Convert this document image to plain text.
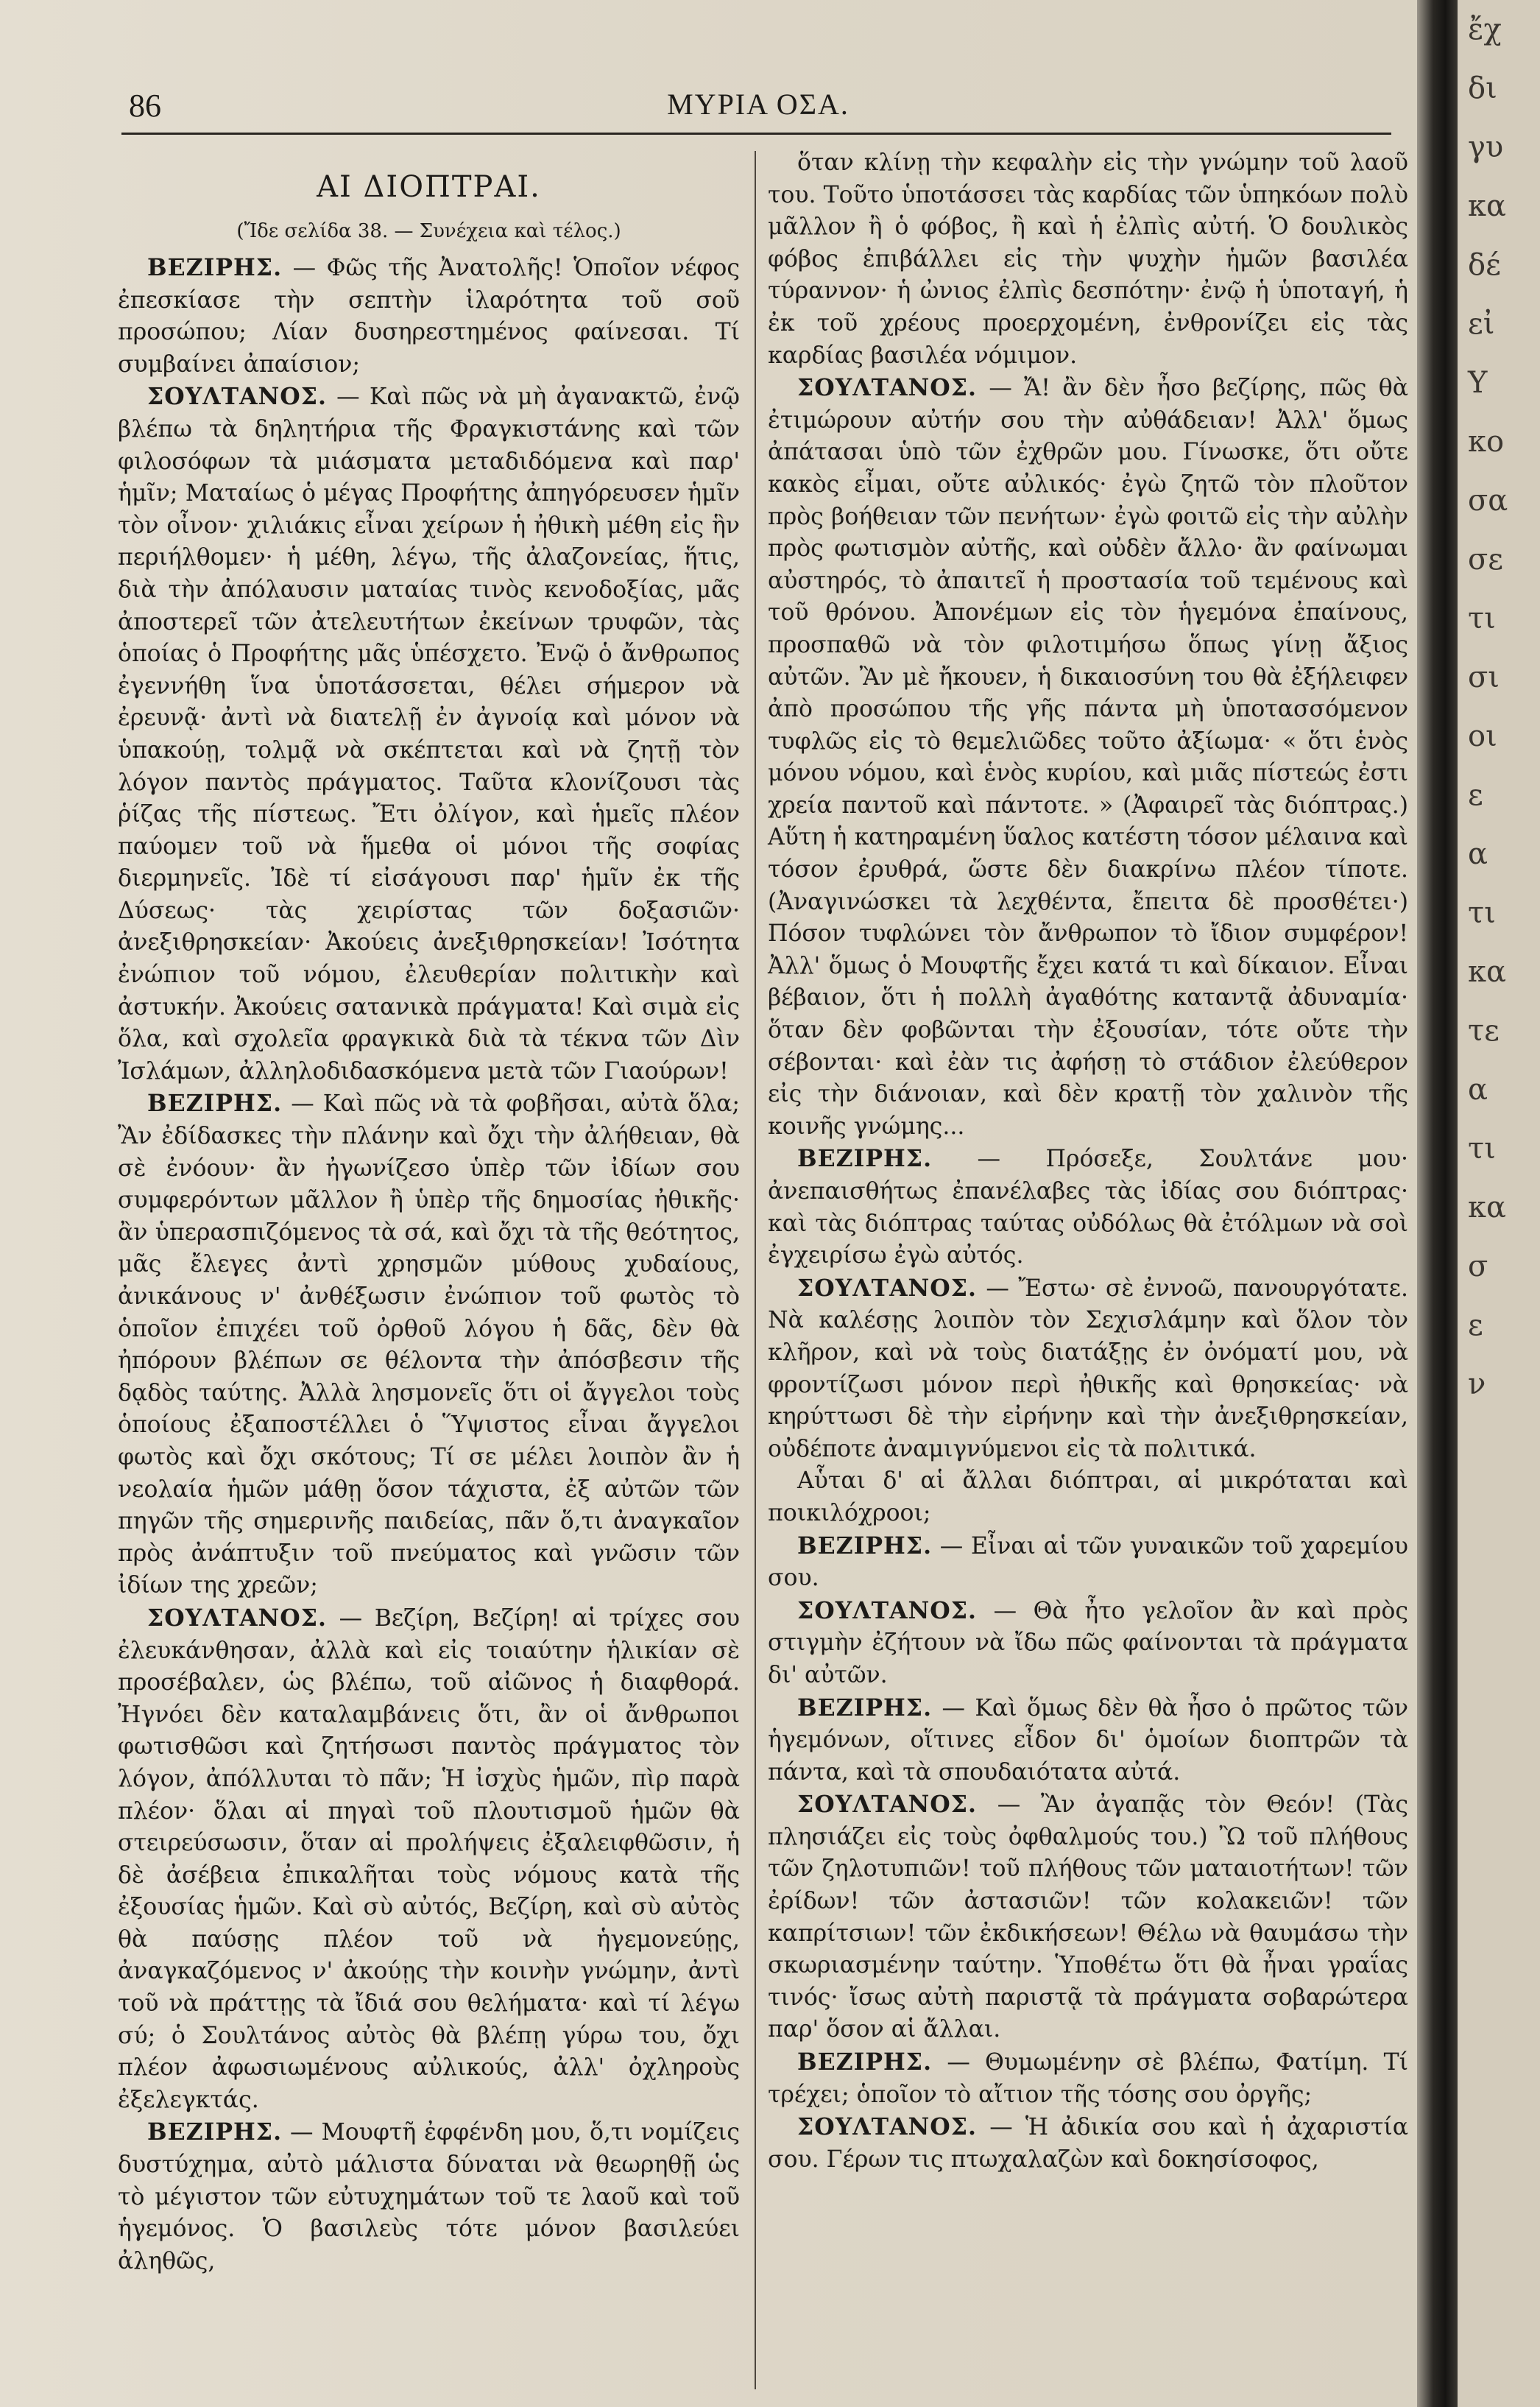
86	ΜΥΡΙΑ ΟΣΑ.
ΑΙ ΔΙΟΠΤΡΑΙ.
(Ἴδε σελίδα 38. — Συνέχεια καὶ τέλος.)

ΒΕΖΙΡΗΣ. — Φῶς τῆς Ἀνατολῆς! Ὁποῖον νέφος ἐπεσκίασε τὴν σεπτὴν ἱλαρότητα τοῦ σοῦ προσώπου; Λίαν δυσηρεστημένος φαίνεσαι. Τί συμβαίνει ἀπαίσιον;

ΣΟΥΛΤΑΝΟΣ. — Καὶ πῶς νὰ μὴ ἀγανακτῶ, ἐνῷ βλέπω τὰ δηλητήρια τῆς Φραγκιστάνης καὶ τῶν φιλοσόφων τὰ μιάσματα μεταδιδόμενα καὶ παρ' ἡμῖν; Ματαίως ὁ μέγας Προφήτης ἀπηγόρευσεν ἡμῖν τὸν οἶνον· χιλιάκις εἶναι χείρων ἡ ἠθικὴ μέθη εἰς ἣν περιήλθομεν· ἡ μέθη, λέγω, τῆς ἀλαζονείας, ἥτις, διὰ τὴν ἀπόλαυσιν ματαίας τινὸς κενοδοξίας, μᾶς ἀποστερεῖ τῶν ἀτελευτήτων ἐκείνων τρυφῶν, τὰς ὁποίας ὁ Προφήτης μᾶς ὑπέσχετο. Ἐνῷ ὁ ἄνθρωπος ἐγεννήθη ἵνα ὑποτάσσεται, θέλει σήμερον νὰ ἐρευνᾷ· ἀντὶ νὰ διατελῇ ἐν ἀγνοίᾳ καὶ μόνον νὰ ὑπακούῃ, τολμᾷ νὰ σκέπτεται καὶ νὰ ζητῇ τὸν λόγον παντὸς πράγματος. Ταῦτα κλονίζουσι τὰς ῥίζας τῆς πίστεως. Ἔτι ὀλίγον, καὶ ἡμεῖς πλέον παύομεν τοῦ νὰ ἥμεθα οἱ μόνοι τῆς σοφίας διερμηνεῖς. Ἰδὲ τί εἰσάγουσι παρ' ἡμῖν ἐκ τῆς Δύσεως· τὰς χειρίστας τῶν δοξασιῶν· ἀνεξιθρησκείαν· Ἀκούεις ἀνεξιθρησκείαν! Ἰσότητα ἐνώπιον τοῦ νόμου, ἐλευθερίαν πολιτικὴν καὶ ἀστυκήν. Ἀκούεις σατανικὰ πράγματα! Καὶ σιμὰ εἰς ὅλα, καὶ σχολεῖα φραγκικὰ διὰ τὰ τέκνα τῶν Δὶν Ἰσλάμων, ἀλληλοδιδασκόμενα μετὰ τῶν Γιαούρων!

ΒΕΖΙΡΗΣ. — Καὶ πῶς νὰ τὰ φοβῆσαι, αὐτὰ ὅλα; Ἂν ἐδίδασκες τὴν πλάνην καὶ ὄχι τὴν ἀλήθειαν, θὰ σὲ ἐνόουν· ἂν ἠγωνίζεσο ὑπὲρ τῶν ἰδίων σου συμφερόντων μᾶλλον ἢ ὑπὲρ τῆς δημοσίας ἠθικῆς· ἂν ὑπερασπιζόμενος τὰ σά, καὶ ὄχι τὰ τῆς θεότητος, μᾶς ἔλεγες ἀντὶ χρησμῶν μύθους χυδαίους, ἀνικάνους ν' ἀνθέξωσιν ἐνώπιον τοῦ φωτὸς τὸ ὁποῖον ἐπιχέει τοῦ ὀρθοῦ λόγου ἡ δᾶς, δὲν θὰ ἠπόρουν βλέπων σε θέλοντα τὴν ἀπόσβεσιν τῆς δᾳδὸς ταύτης. Ἀλλὰ λησμονεῖς ὅτι οἱ ἄγγελοι τοὺς ὁποίους ἐξαποστέλλει ὁ Ὕψιστος εἶναι ἄγγελοι φωτὸς καὶ ὄχι σκότους; Τί σε μέλει λοιπὸν ἂν ἡ νεολαία ἡμῶν μάθῃ ὅσον τάχιστα, ἐξ αὐτῶν τῶν πηγῶν τῆς σημερινῆς παιδείας, πᾶν ὅ,τι ἀναγκαῖον πρὸς ἀνάπτυξιν τοῦ πνεύματος καὶ γνῶσιν τῶν ἰδίων της χρεῶν;

ΣΟΥΛΤΑΝΟΣ. — Βεζίρη, Βεζίρη! αἱ τρίχες σου ἐλευκάνθησαν, ἀλλὰ καὶ εἰς τοιαύτην ἡλικίαν σὲ προσέβαλεν, ὡς βλέπω, τοῦ αἰῶνος ἡ διαφθορά. Ἠγνόει δὲν καταλαμβάνεις ὅτι, ἂν οἱ ἄνθρωποι φωτισθῶσι καὶ ζητήσωσι παντὸς πράγματος τὸν λόγον, ἀπόλλυται τὸ πᾶν; Ἡ ἰσχὺς ἡμῶν, πὶρ παρὰ πλέον· ὅλαι αἱ πηγαὶ τοῦ πλουτισμοῦ ἡμῶν θὰ στειρεύσωσιν, ὅταν αἱ προλήψεις ἐξαλειφθῶσιν, ἡ δὲ ἀσέβεια ἐπικαλῆται τοὺς νόμους κατὰ τῆς ἐξουσίας ἡμῶν. Καὶ σὺ αὐτός, Βεζίρη, καὶ σὺ αὐτὸς θὰ παύσῃς πλέον τοῦ νὰ ἡγεμονεύῃς, ἀναγκαζόμενος ν' ἀκούῃς τὴν κοινὴν γνώμην, ἀντὶ τοῦ νὰ πράττῃς τὰ ἴδιά σου θελήματα· καὶ τί λέγω σύ; ὁ Σουλτάνος αὐτὸς θὰ βλέπῃ γύρω του, ὄχι πλέον ἀφωσιωμένους αὐλικούς, ἀλλ' ὀχληροὺς ἐξελεγκτάς.

ΒΕΖΙΡΗΣ. — Μουφτῆ ἐφφένδη μου, ὅ,τι νομίζεις δυστύχημα, αὐτὸ μάλιστα δύναται νὰ θεωρηθῇ ὡς τὸ μέγιστον τῶν εὐτυχημάτων τοῦ τε λαοῦ καὶ τοῦ ἡγεμόνος. Ὁ βασιλεὺς τότε μόνον βασιλεύει ἀληθῶς,

ὅταν κλίνῃ τὴν κεφαλὴν εἰς τὴν γνώμην τοῦ λαοῦ του. Τοῦτο ὑποτάσσει τὰς καρδίας τῶν ὑπηκόων πολὺ μᾶλλον ἢ ὁ φόβος, ἢ καὶ ἡ ἐλπὶς αὐτή. Ὁ δουλικὸς φόβος ἐπιβάλλει εἰς τὴν ψυχὴν ἡμῶν βασιλέα τύραννον· ἡ ὠνιος ἐλπὶς δεσπότην· ἐνῷ ἡ ὑποταγή, ἡ ἐκ τοῦ χρέους προερχομένη, ἐνθρονίζει εἰς τὰς καρδίας βασιλέα νόμιμον.

ΣΟΥΛΤΑΝΟΣ. — Ἄ! ἂν δὲν ἦσο βεζίρης, πῶς θὰ ἐτιμώρουν αὐτήν σου τὴν αὐθάδειαν! Ἀλλ' ὅμως ἀπάτασαι ὑπὸ τῶν ἐχθρῶν μου. Γίνωσκε, ὅτι οὔτε κακὸς εἶμαι, οὔτε αὐλικός· ἐγὼ ζητῶ τὸν πλοῦτον πρὸς βοήθειαν τῶν πενήτων· ἐγὼ φοιτῶ εἰς τὴν αὐλὴν πρὸς φωτισμὸν αὐτῆς, καὶ οὐδὲν ἄλλο· ἂν φαίνωμαι αὐστηρός, τὸ ἀπαιτεῖ ἡ προστασία τοῦ τεμένους καὶ τοῦ θρόνου. Ἀπονέμων εἰς τὸν ἡγεμόνα ἐπαίνους, προσπαθῶ νὰ τὸν φιλοτιμήσω ὅπως γίνῃ ἄξιος αὐτῶν. Ἂν μὲ ἤκουεν, ἡ δικαιοσύνη του θὰ ἐξήλειφεν ἀπὸ προσώπου τῆς γῆς πάντα μὴ ὑποτασσόμενον τυφλῶς εἰς τὸ θεμελιῶδες τοῦτο ἀξίωμα· « ὅτι ἑνὸς μόνου νόμου, καὶ ἑνὸς κυρίου, καὶ μιᾶς πίστεώς ἐστι χρεία παντοῦ καὶ πάντοτε. » (Ἀφαιρεῖ τὰς διόπτρας.) Αὕτη ἡ κατηραμένη ὕαλος κατέστη τόσον μέλαινα καὶ τόσον ἐρυθρά, ὥστε δὲν διακρίνω πλέον τίποτε. (Ἀναγινώσκει τὰ λεχθέντα, ἔπειτα δὲ προσθέτει·) Πόσον τυφλώνει τὸν ἄνθρωπον τὸ ἴδιον συμφέρον! Ἀλλ' ὅμως ὁ Μουφτῆς ἔχει κατά τι καὶ δίκαιον. Εἶναι βέβαιον, ὅτι ἡ πολλὴ ἀγαθότης καταντᾷ ἀδυναμία· ὅταν δὲν φοβῶνται τὴν ἐξουσίαν, τότε οὔτε τὴν σέβονται· καὶ ἐὰν τις ἀφήσῃ τὸ στάδιον ἐλεύθερον εἰς τὴν διάνοιαν, καὶ δὲν κρατῇ τὸν χαλινὸν τῆς κοινῆς γνώμης...

ΒΕΖΙΡΗΣ. — Πρόσεξε, Σουλτάνε μου· ἀνεπαισθήτως ἐπανέλαβες τὰς ἰδίας σου διόπτρας· καὶ τὰς διόπτρας ταύτας οὐδόλως θὰ ἐτόλμων νὰ σοὶ ἐγχειρίσω ἐγὼ αὐτός.

ΣΟΥΛΤΑΝΟΣ. — Ἔστω· σὲ ἐννοῶ, πανουργότατε. Νὰ καλέσῃς λοιπὸν τὸν Σεχισλάμην καὶ ὅλον τὸν κλῆρον, καὶ νὰ τοὺς διατάξῃς ἐν ὀνόματί μου, νὰ φροντίζωσι μόνον περὶ ἠθικῆς καὶ θρησκείας· νὰ κηρύττωσι δὲ τὴν εἰρήνην καὶ τὴν ἀνεξιθρησκείαν, οὐδέποτε ἀναμιγνύμενοι εἰς τὰ πολιτικά.

Αὗται δ' αἱ ἄλλαι διόπτραι, αἱ μικρόταται καὶ ποικιλόχροοι;

ΒΕΖΙΡΗΣ. — Εἶναι αἱ τῶν γυναικῶν τοῦ χαρεμίου σου.

ΣΟΥΛΤΑΝΟΣ. — Θὰ ἦτο γελοῖον ἂν καὶ πρὸς στιγμὴν ἐζήτουν νὰ ἴδω πῶς φαίνονται τὰ πράγματα δι' αὐτῶν.

ΒΕΖΙΡΗΣ. — Καὶ ὅμως δὲν θὰ ἦσο ὁ πρῶτος τῶν ἡγεμόνων, οἵτινες εἶδον δι' ὁμοίων διοπτρῶν τὰ πάντα, καὶ τὰ σπουδαιότατα αὐτά.

ΣΟΥΛΤΑΝΟΣ. — Ἂν ἀγαπᾷς τὸν Θεόν! (Τὰς πλησιάζει εἰς τοὺς ὀφθαλμούς του.) Ὢ τοῦ πλήθους τῶν ζηλοτυπιῶν! τοῦ πλήθους τῶν ματαιοτήτων! τῶν ἐρίδων! τῶν ἀστασιῶν! τῶν κολακειῶν! τῶν καπρίτσιων! τῶν ἐκδικήσεων! Θέλω νὰ θαυμάσω τὴν σκωριασμένην ταύτην. Ὑποθέτω ὅτι θὰ ἦναι γραΐας τινός· ἴσως αὐτὴ παριστᾷ τὰ πράγματα σοβαρώτερα παρ' ὅσον αἱ ἄλλαι.

ΒΕΖΙΡΗΣ. — Θυμωμένην σὲ βλέπω, Φατίμη. Τί τρέχει; ὁποῖον τὸ αἴτιον τῆς τόσης σου ὀργῆς;

ΣΟΥΛΤΑΝΟΣ. — Ἡ ἀδικία σου καὶ ἡ ἀχαριστία σου. Γέρων τις πτωχαλαζὼν καὶ δοκησίσοφος,

ἔχ
δι
γυ
κα
δέ
εἰ
Υ
κο
σα
σε
τι
σι
οι
ε
α
τι
κα
τε
α
τι
κα
σ
ε
ν
